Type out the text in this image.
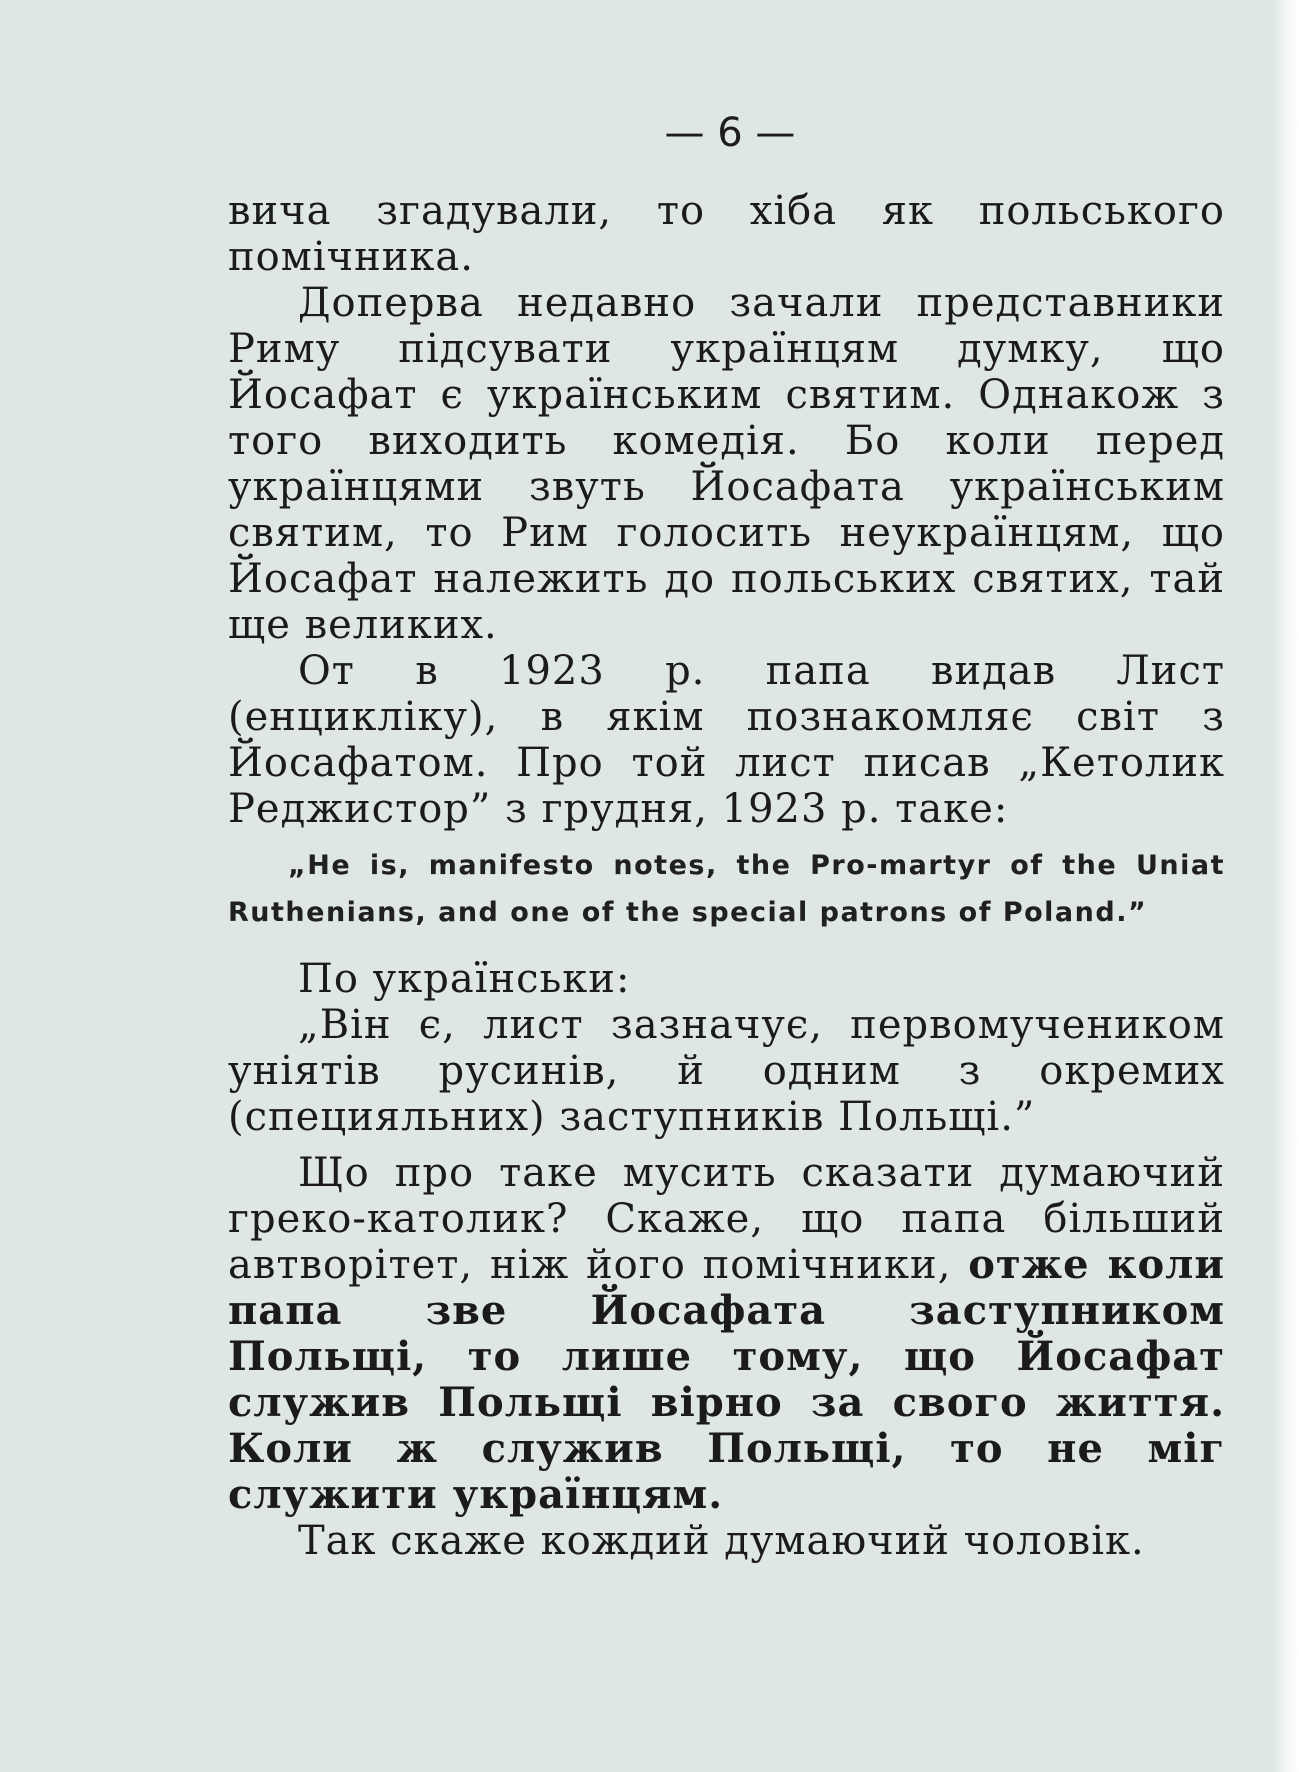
— 6 —

вича згадували, то хіба як польського помічника.

Доперва недавно зачали представники Риму підсувати українцям думку, що Йосафат є українським святим. Однакож з того виходить комедія. Бо коли перед українцями звуть Йосафата українським святим, то Рим голосить неукраїнцям, що Йосафат належить до польських святих, тай ще великих.

От в 1923 р. папа видав Лист (енцикліку), в якім познакомляє світ з Йосафатом. Про той лист писав „Кетолик Реджистор” з грудня, 1923 р. таке:

„He is, manifesto notes, the Pro-martyr of the Uniat Ruthenians, and one of the special patrons of Poland.”

По українськи:

„Він є, лист зазначує, первомучеником уніятів русинів, й одним з окремих (специяльних) заступників Польщі.”

Що про таке мусить сказати думаючий греко-католик? Скаже, що папа більший автворітет, ніж його помічники, отже коли папа зве Йосафата заступником Польщі, то лише тому, що Йосафат служив Польщі вірно за свого життя. Коли ж служив Польщі, то не міг служити українцям.

Так скаже кождий думаючий чоловік.
